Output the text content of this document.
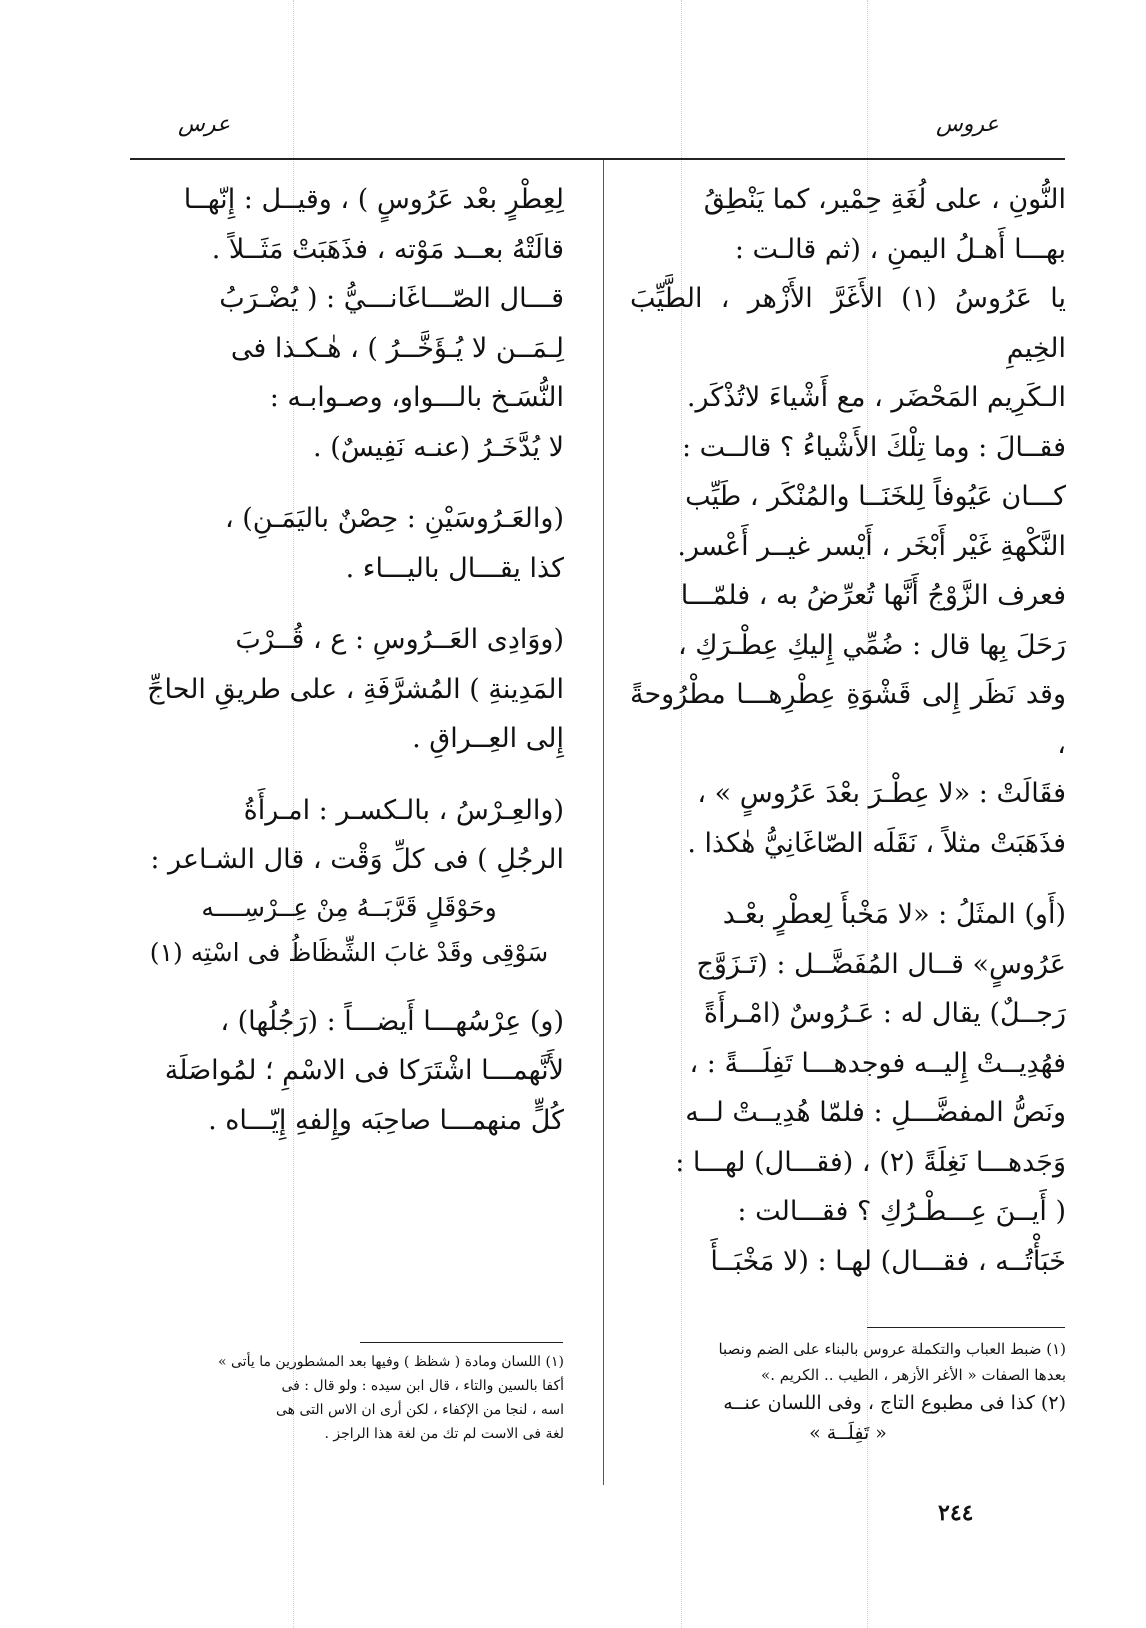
عروس
عرس

النُّونِ ، على لُغَةِ حِمْير، كما يَنْطِقُ

بهـــا أَهـلُ اليمنِ ، (ثم قالـت :

يا عَرُوسُ (١) الأَغَرَّ الأَزْهر ، الطَّيِّبَ الخِيمِ

الـكَرِيم المَحْضَر ، مع أَشْياءَ لاتُذْكَر.

فقــالَ : وما تِلْكَ الأَشْياءُ ؟ قالــت :

كـــان عَيُوفاً لِلخَنَــا والمُنْكَر ، طَيِّب

النَّكْهةِ غَيْر أَبْخَر ، أَيْسر غيــر أَعْسر.

فعرف الزَّوْجُ أَنَّها تُعرِّضُ به ، فلمّـــا

رَحَلَ بِها قال : ضُمِّي إِليكِ عِطْـرَكِ ،

وقد نَظَر إِلى قَشْوَةِ عِطْرِهـــا مطْرُوحةً ،

فقَالَتْ : «لا عِطْـرَ بعْدَ عَرُوسٍ » ،

فذَهَبَتْ مثلاً ، نَقَلَه الصّاغَانِيُّ هٰكذا .

(أَو) المثَلُ : «لا مَخْبأَ لِعطْرٍ بعْـد

عَرُوسٍ» قــال المُفَضَّــل : (تَـزَوَّج

رَجــلٌ) يقال له : عَـرُوسٌ (امْـرأَةً

فهُدِيــتْ إِليــه فوجدهـــا تَفِلَـــةً : ،

ونَصُّ المفضَّـــلِ : فلمّا هُدِيــتْ لــه

وَجَدهـــا نَغِلَةً (٢) ، (فقـــال) لهـــا :

( أَيــنَ عِـــطْـرُكِ ؟ فقـــالت :

خَبَأْتُــه ، فقـــال) لهـا : (لا مَخْبَــأَ

لِعِطْرٍ بعْد عَرُوسٍ ) ، وقيــل : إِنّهــا

قالَتْهُ بعــد مَوْته ، فذَهَبَتْ مَثَــلاً .

قـــال الصّـــاغَانـــيُّ : ( يُضْـرَبُ

لِـمَــن لا يُـؤَخَّــرُ ) ، هٰـكـذا فى

النُّسَـخ بالـــواو، وصـوابـه :

لا يُدَّخَـرُ (عنـه نَفِيسٌ) .

(والعَـرُوسَيْنِ : حِصْنٌ باليَمَـنِ) ،

كذا يقـــال باليـــاء .

(ووَادِى العَــرُوسِ : ع ، قُــرْبَ

المَدِينةِ ) المُشرَّفَةِ ، على طريقِ الحاجِّ

إِلى العِــراقِ .

(والعِـرْسُ ، بالـكسـر : امـرأَةُ

الرجُلِ ) فى كلِّ وَقْت ، قال الشـاعر :

وحَوْقَلٍ قَرَّبَــهُ مِنْ عِــرْسِــــه

سَوْقِى وقَدْ غابَ الشِّظَاظُ فى اسْتِه (١)

(و) عِرْسُهـــا أَيضـــاً : (رَجُلُها) ،

لأَنَّهمـــا اشْتَرَكا فى الاسْمِ ؛ لمُواصَلَة

كُلٍّ منهمـــا صاحِبَه وإِلفهِ إِيّـــاه .

(١) ضبط العباب والتكملة عروس بالبناء على الضم ونصبا

بعدها الصفات « الأغر الأزهر ، الطيب .. الكريم .»

(٢) كذا فى مطبوع التاج ، وفى اللسان عنــه

« تَفِلَــة »

(١) اللسان ومادة ( شظظ ) وفيها بعد المشطورين ما يأتى »

أكفا بالسين والتاء ، قال ابن سيده : ولو قال : فى

اسه ، لنجا من الإكفاء ، لكن أرى ان الاس التى هى

لغة فى الاست لم تك من لغة هذا الراجز .

٢٤٤
